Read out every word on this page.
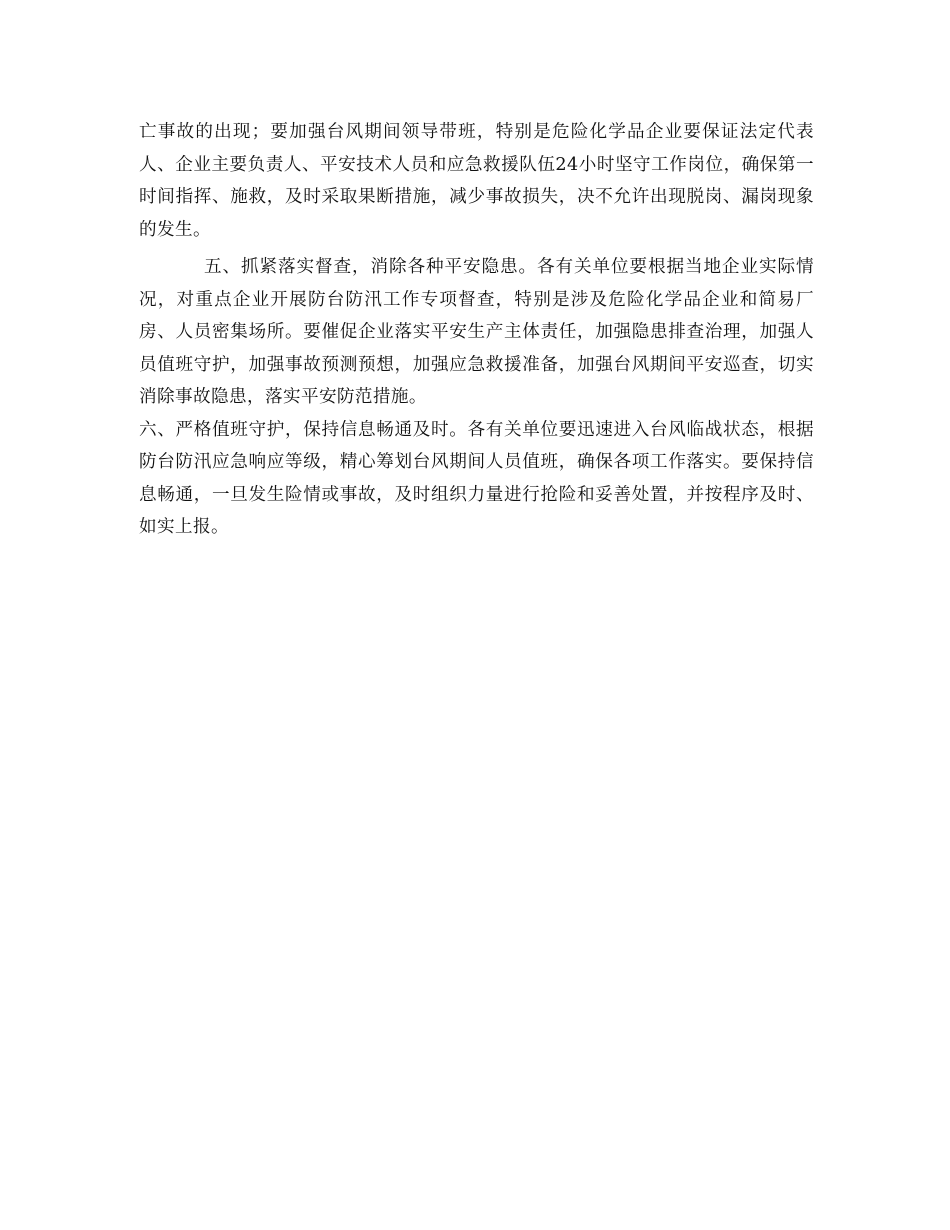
亡事故的出现；要加强台风期间领导带班，特别是危险化学品企业要保证法定代表人、企业主要负责人、平安技术人员和应急救援队伍24小时坚守工作岗位，确保第一时间指挥、施救，及时采取果断措施，减少事故损失，决不允许出现脱岗、漏岗现象的发生。

五、抓紧落实督查，消除各种平安隐患。各有关单位要根据当地企业实际情况，对重点企业开展防台防汛工作专项督查，特别是涉及危险化学品企业和简易厂房、人员密集场所。要催促企业落实平安生产主体责任，加强隐患排查治理，加强人员值班守护，加强事故预测预想，加强应急救援准备，加强台风期间平安巡查，切实消除事故隐患，落实平安防范措施。

六、严格值班守护，保持信息畅通及时。各有关单位要迅速进入台风临战状态，根据防台防汛应急响应等级，精心筹划台风期间人员值班，确保各项工作落实。要保持信息畅通，一旦发生险情或事故，及时组织力量进行抢险和妥善处置，并按程序及时、如实上报。
